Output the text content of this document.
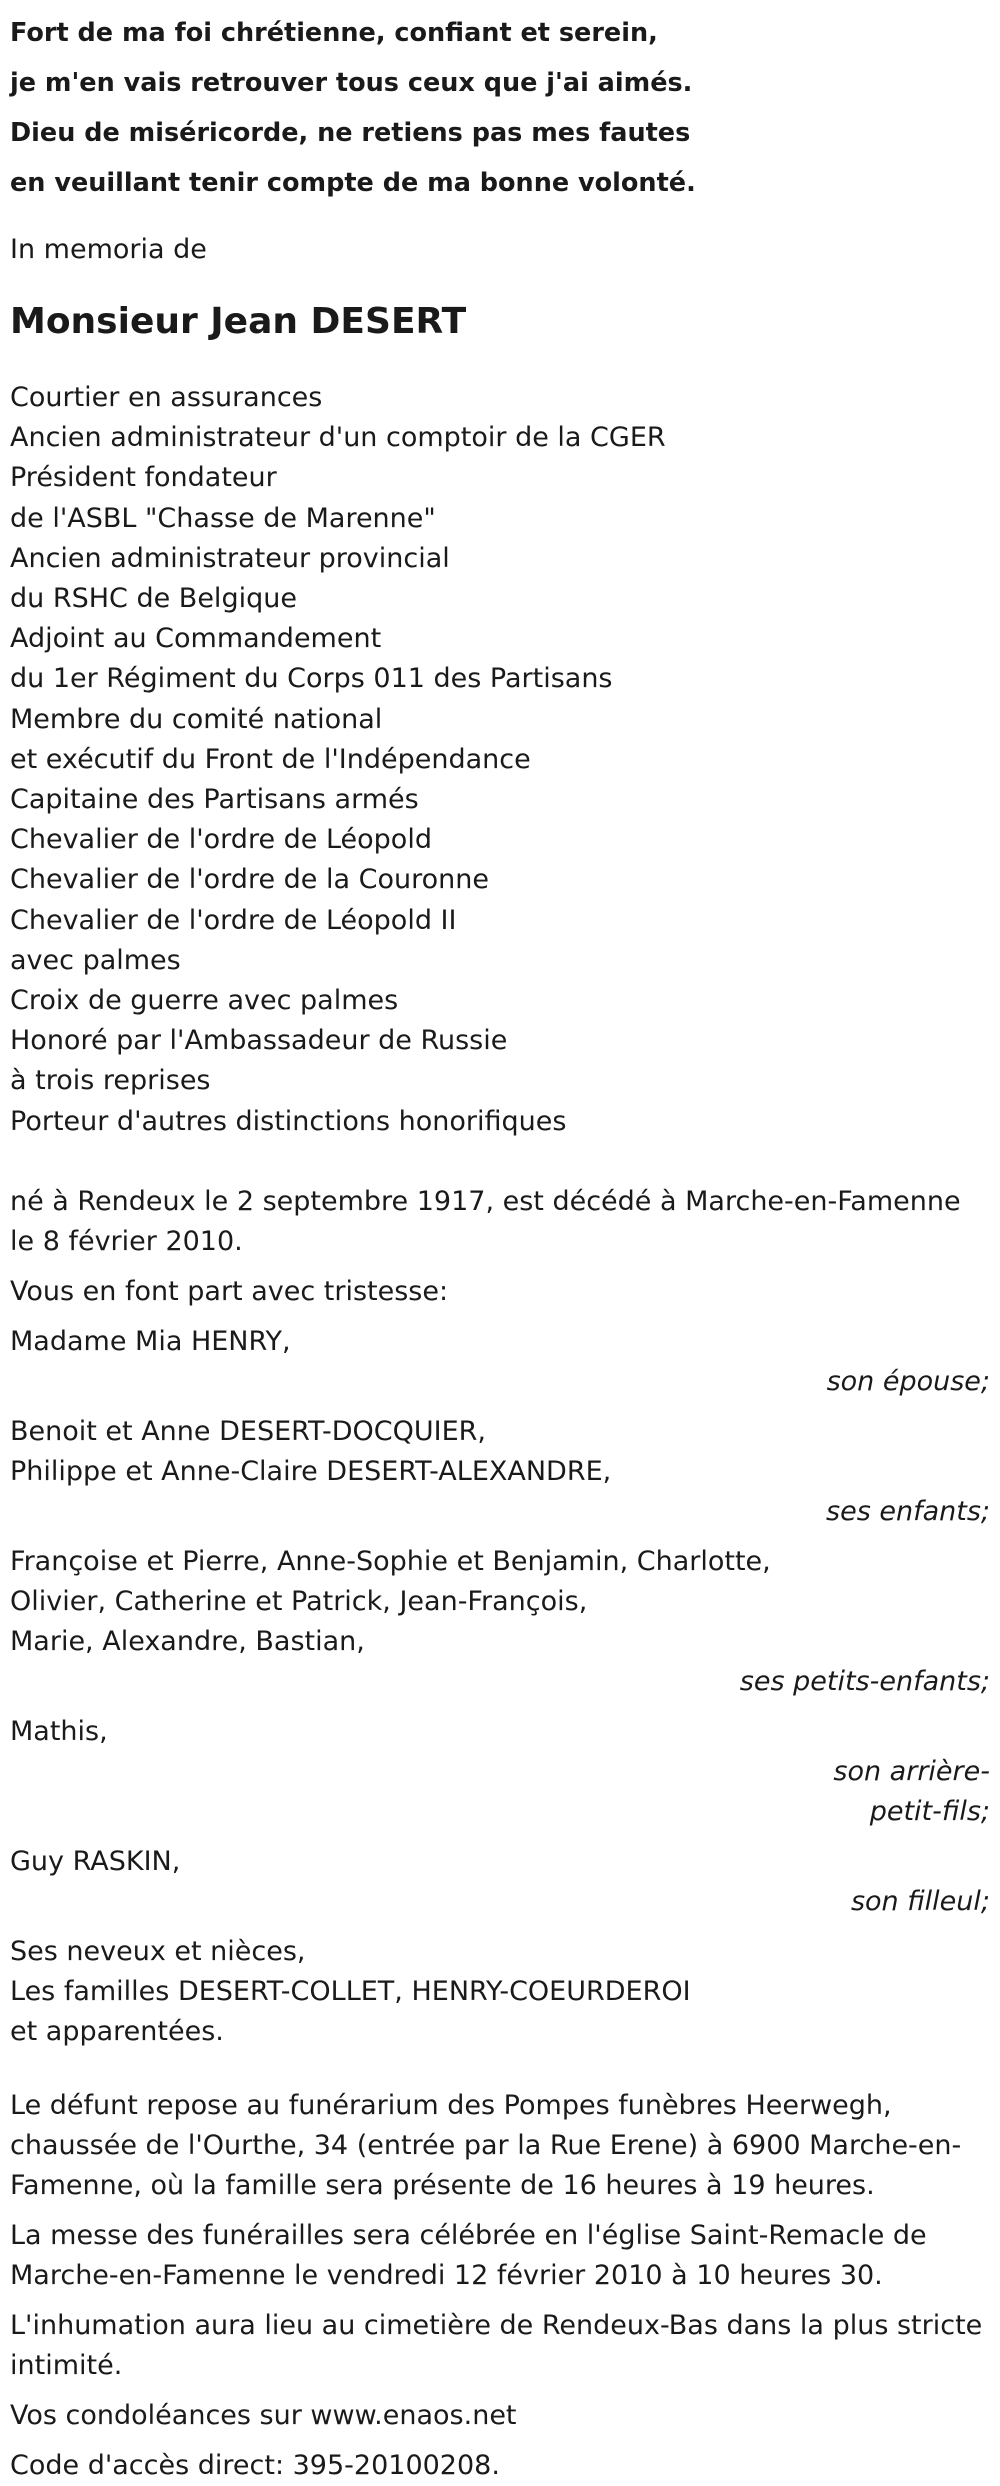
Fort de ma foi chrétienne, confiant et serein,
je m'en vais retrouver tous ceux que j'ai aimés.
Dieu de miséricorde, ne retiens pas mes fautes
en veuillant tenir compte de ma bonne volonté.
In memoria de
Monsieur Jean DESERT
Courtier en assurances
Ancien administrateur d'un comptoir de la CGER
Président fondateur
de l'ASBL "Chasse de Marenne"
Ancien administrateur provincial
du RSHC de Belgique
Adjoint au Commandement
du 1er Régiment du Corps 011 des Partisans
Membre du comité national
et exécutif du Front de l'Indépendance
Capitaine des Partisans armés
Chevalier de l'ordre de Léopold
Chevalier de l'ordre de la Couronne
Chevalier de l'ordre de Léopold II
avec palmes
Croix de guerre avec palmes
Honoré par l'Ambassadeur de Russie
à trois reprises
Porteur d'autres distinctions honorifiques
né à Rendeux le 2 septembre 1917, est décédé à Marche-en-Famenne le 8 février 2010.
Vous en font part avec tristesse:
Madame Mia HENRY,
son épouse;
Benoit et Anne DESERT-DOCQUIER,
Philippe et Anne-Claire DESERT-ALEXANDRE,
ses enfants;
Françoise et Pierre, Anne-Sophie et Benjamin, Charlotte,
Olivier, Catherine et Patrick, Jean-François,
Marie, Alexandre, Bastian,
ses petits-enfants;
Mathis,
son arrière-
petit-fils;
Guy RASKIN,
son filleul;
Ses neveux et nièces,
Les familles DESERT-COLLET, HENRY-COEURDEROI
et apparentées.
Le défunt repose au funérarium des Pompes funèbres Heerwegh, chaussée de l'Ourthe, 34 (entrée par la Rue Erene) à 6900 Marche-en-Famenne, où la famille sera présente de 16 heures à 19 heures.
La messe des funérailles sera célébrée en l'église Saint-Remacle de Marche-en-Famenne le vendredi 12 février 2010 à 10 heures 30.
L'inhumation aura lieu au cimetière de Rendeux-Bas dans la plus stricte intimité.
Vos condoléances sur www.enaos.net
Code d'accès direct: 395-20100208.
